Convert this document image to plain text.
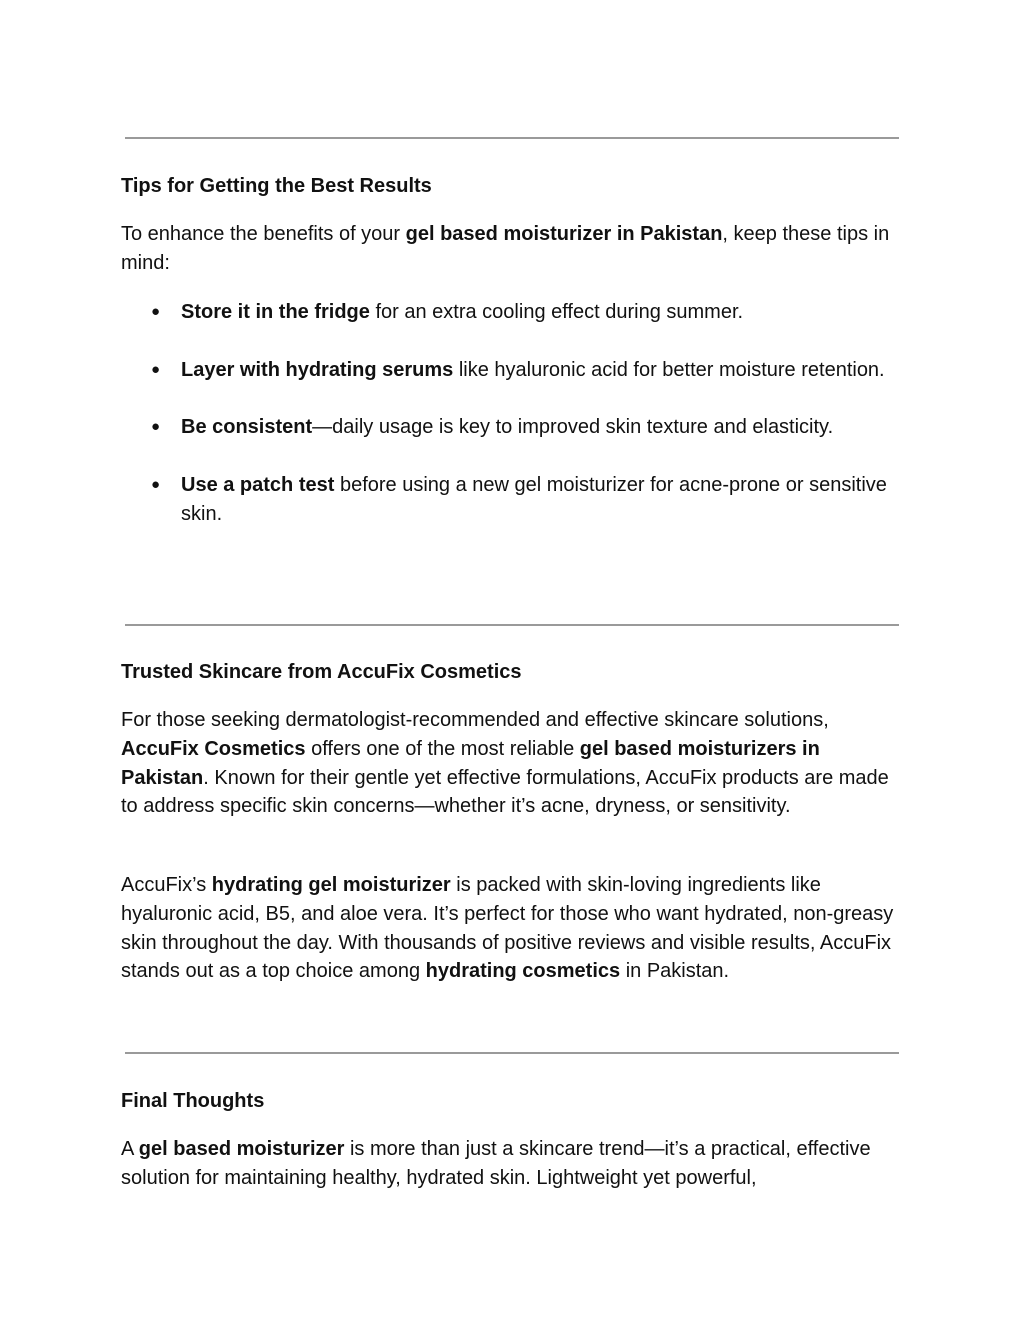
Tips for Getting the Best Results

To enhance the benefits of your gel based moisturizer in Pakistan, keep these tips in mind:

● Store it in the fridge for an extra cooling effect during summer.
● Layer with hydrating serums like hyaluronic acid for better moisture retention.
● Be consistent—daily usage is key to improved skin texture and elasticity.
● Use a patch test before using a new gel moisturizer for acne-prone or sensitive skin.
Trusted Skincare from AccuFix Cosmetics

For those seeking dermatologist-recommended and effective skincare solutions, AccuFix Cosmetics offers one of the most reliable gel based moisturizers in Pakistan. Known for their gentle yet effective formulations, AccuFix products are made to address specific skin concerns—whether it’s acne, dryness, or sensitivity.

AccuFix’s hydrating gel moisturizer is packed with skin-loving ingredients like hyaluronic acid, B5, and aloe vera. It’s perfect for those who want hydrated, non-greasy skin throughout the day. With thousands of positive reviews and visible results, AccuFix stands out as a top choice among hydrating cosmetics in Pakistan.

Final Thoughts

A gel based moisturizer is more than just a skincare trend—it’s a practical, effective solution for maintaining healthy, hydrated skin. Lightweight yet powerful,
